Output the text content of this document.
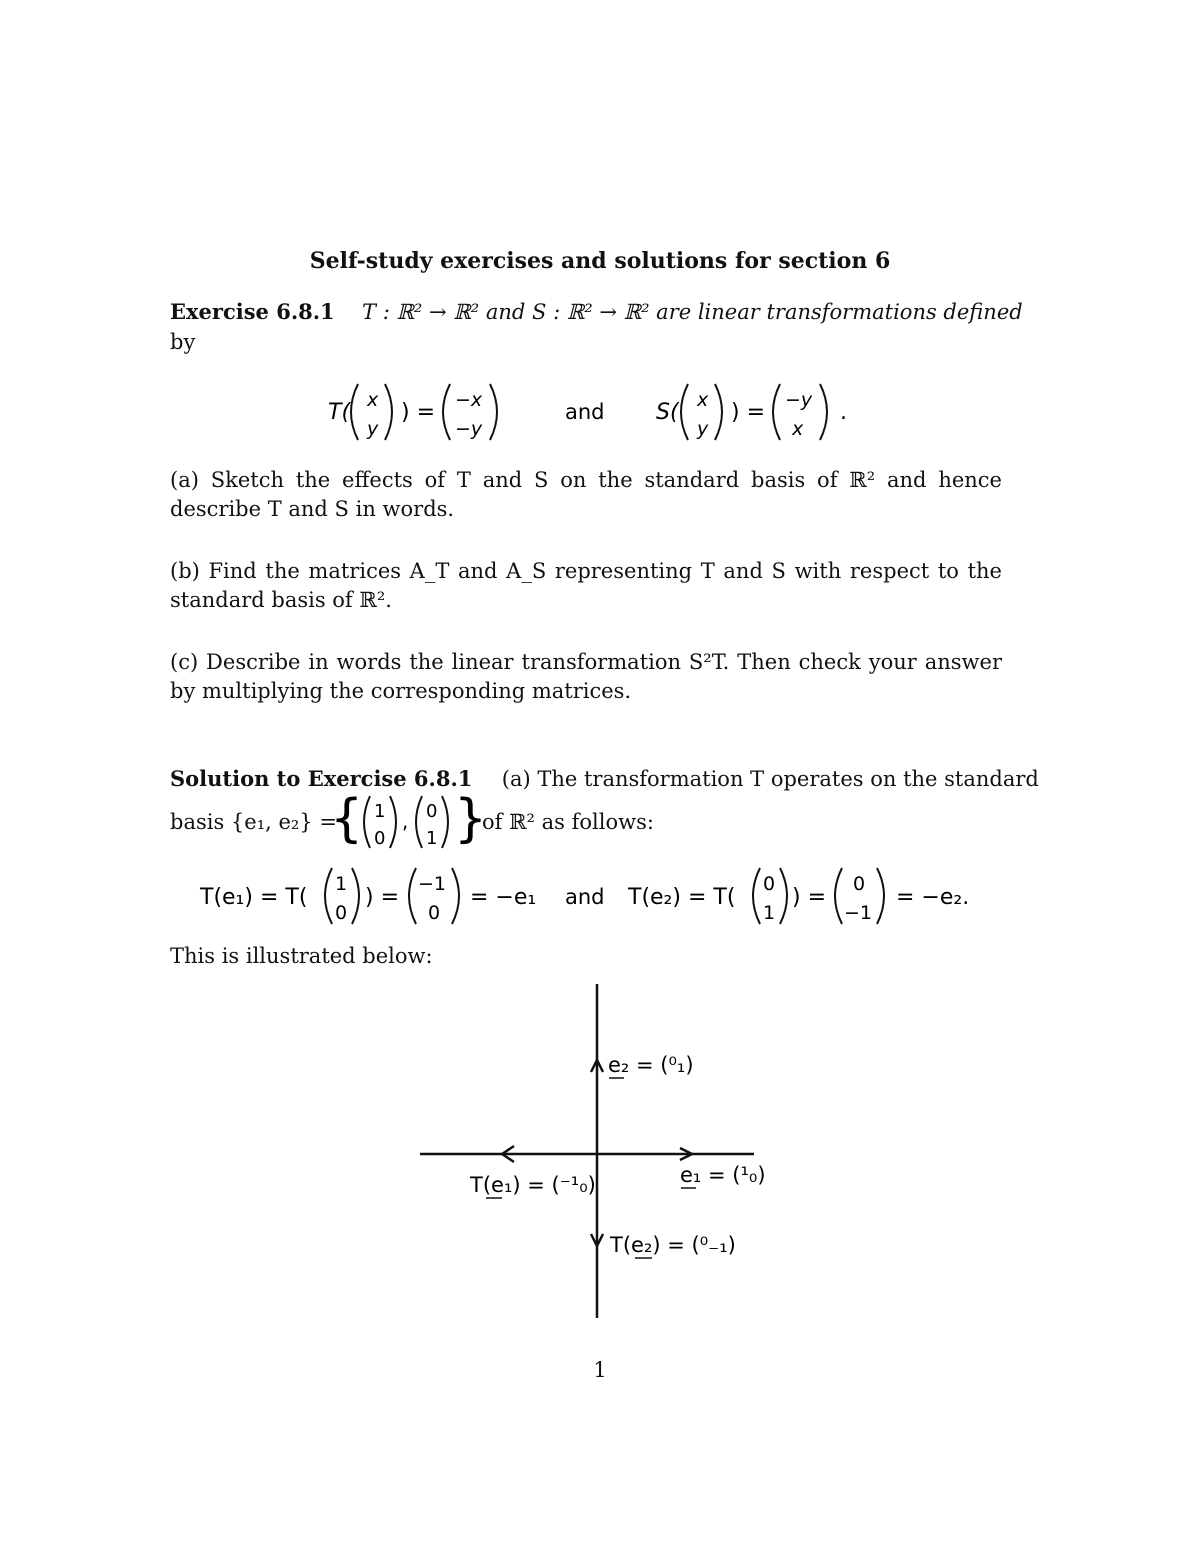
Self-study exercises and solutions for section 6
Exercise 6.8.1 T : ℝ² → ℝ² and S : ℝ² → ℝ² are linear transformations defined
by
T( x
y
) = −x
−y
and S( x
y
) = −y
x
.
(a) Sketch the effects of T and S on the standard basis of ℝ² and hence describe T and S in words.
(b) Find the matrices A_T and A_S representing T and S with respect to the standard basis of ℝ².
(c) Describe in words the linear transformation S²T. Then check your answer by multiplying the corresponding matrices.
Solution to Exercise 6.8.1 (a) The transformation T operates on the standard
basis {e₁, e₂} =
{ 1
0
, 0
1 }
of ℝ² as follows:
T(e₁) = T(
1
0
) =
−1
0
= −e₁ and T(e₂) = T(
0
1
) =
0
−1
= −e₂.
This is illustrated below:
e₂ = (⁰₁)
e₁ = (¹₀)
T(e₁) = (⁻¹₀)
T(e₂) = (⁰₋₁)
1
